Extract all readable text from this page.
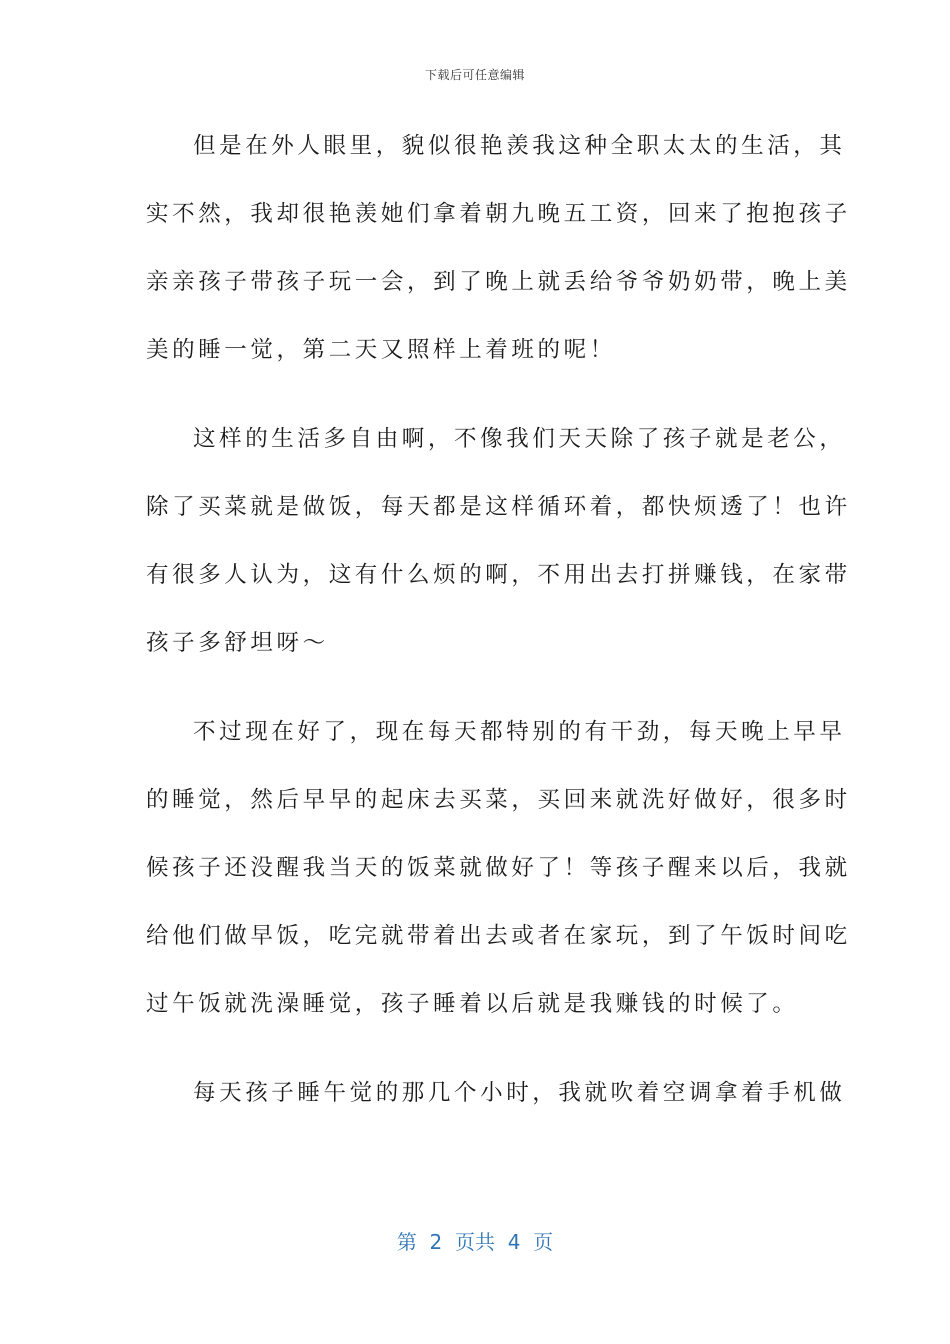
下载后可任意编辑
但是在外人眼里，貌似很艳羡我这种全职太太的生活，其
实不然，我却很艳羡她们拿着朝九晚五工资，回来了抱抱孩子
亲亲孩子带孩子玩一会，到了晚上就丢给爷爷奶奶带，晚上美
美的睡一觉，第二天又照样上着班的呢！
这样的生活多自由啊，不像我们天天除了孩子就是老公，
除了买菜就是做饭，每天都是这样循环着，都快烦透了！也许
有很多人认为，这有什么烦的啊，不用出去打拼赚钱，在家带
孩子多舒坦呀～
不过现在好了，现在每天都特别的有干劲，每天晚上早早
的睡觉，然后早早的起床去买菜，买回来就洗好做好，很多时
候孩子还没醒我当天的饭菜就做好了！等孩子醒来以后，我就
给他们做早饭，吃完就带着出去或者在家玩，到了午饭时间吃
过午饭就洗澡睡觉，孩子睡着以后就是我赚钱的时候了。
每天孩子睡午觉的那几个小时，我就吹着空调拿着手机做
第  2  页共  4  页
